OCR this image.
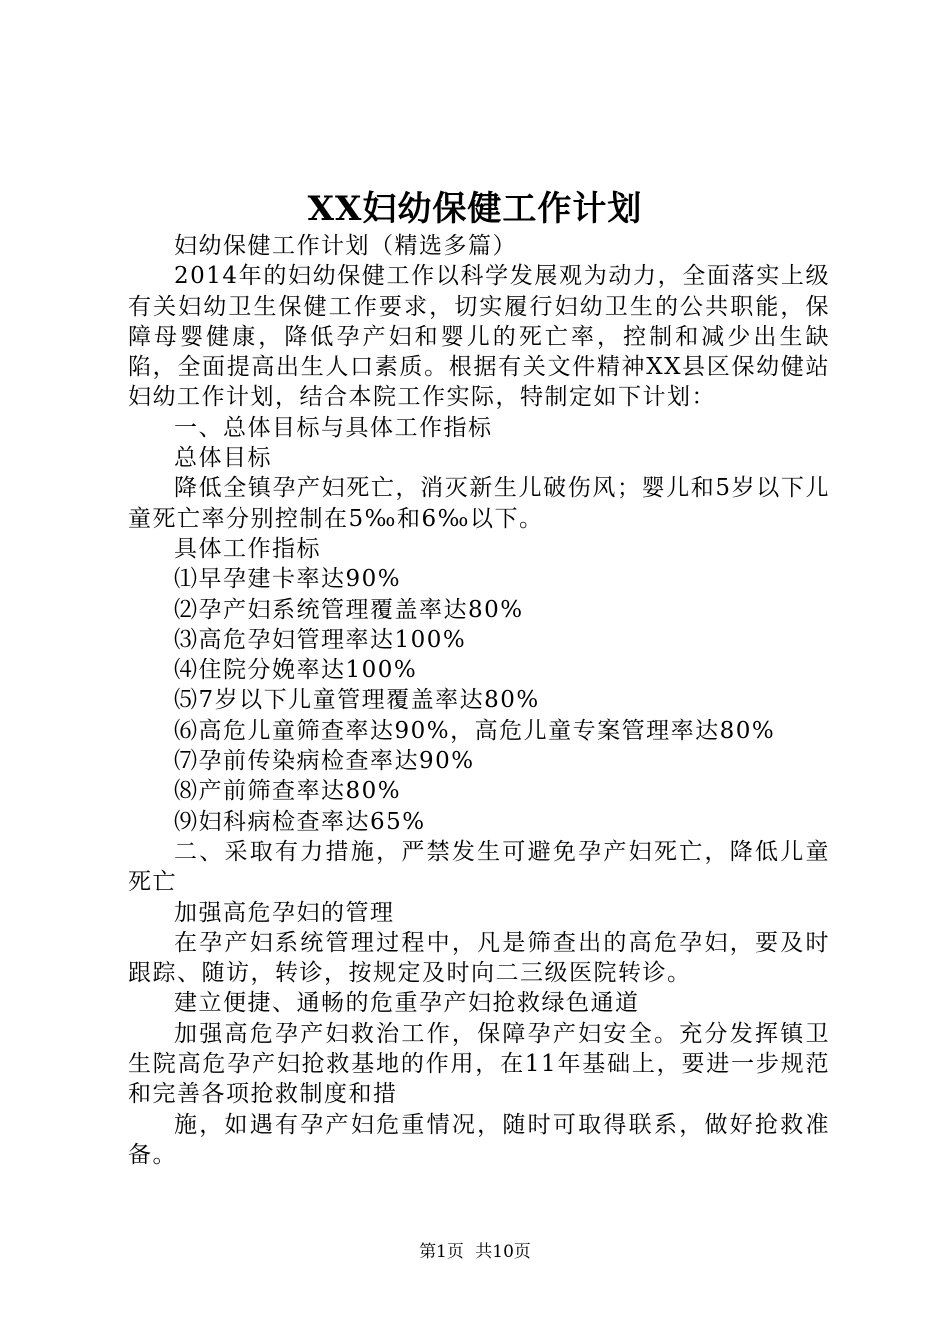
XX妇幼保健工作计划

妇幼保健工作计划（精选多篇）

2014年的妇幼保健工作以科学发展观为动力，全面落实上级有关妇幼卫生保健工作要求，切实履行妇幼卫生的公共职能，保障母婴健康，降低孕产妇和婴儿的死亡率，控制和减少出生缺陷，全面提高出生人口素质。根据有关文件精神XX县区保幼健站妇幼工作计划，结合本院工作实际，特制定如下计划：

一、总体目标与具体工作指标

总体目标

降低全镇孕产妇死亡，消灭新生儿破伤风；婴儿和5岁以下儿童死亡率分别控制在5‰和6‰以下。

具体工作指标

⑴早孕建卡率达90%

⑵孕产妇系统管理覆盖率达80%

⑶高危孕妇管理率达100%

⑷住院分娩率达100%

⑸7岁以下儿童管理覆盖率达80%

⑹高危儿童筛查率达90%，高危儿童专案管理率达80%

⑺孕前传染病检查率达90%

⑻产前筛查率达80%

⑼妇科病检查率达65%

二、采取有力措施，严禁发生可避免孕产妇死亡，降低儿童死亡

加强高危孕妇的管理

在孕产妇系统管理过程中，凡是筛查出的高危孕妇，要及时跟踪、随访，转诊，按规定及时向二三级医院转诊。

建立便捷、通畅的危重孕产妇抢救绿色通道

加强高危孕产妇救治工作，保障孕产妇安全。充分发挥镇卫生院高危孕产妇抢救基地的作用，在11年基础上，要进一步规范和完善各项抢救制度和措

施，如遇有孕产妇危重情况，随时可取得联系，做好抢救准备。

第1页 共10页
